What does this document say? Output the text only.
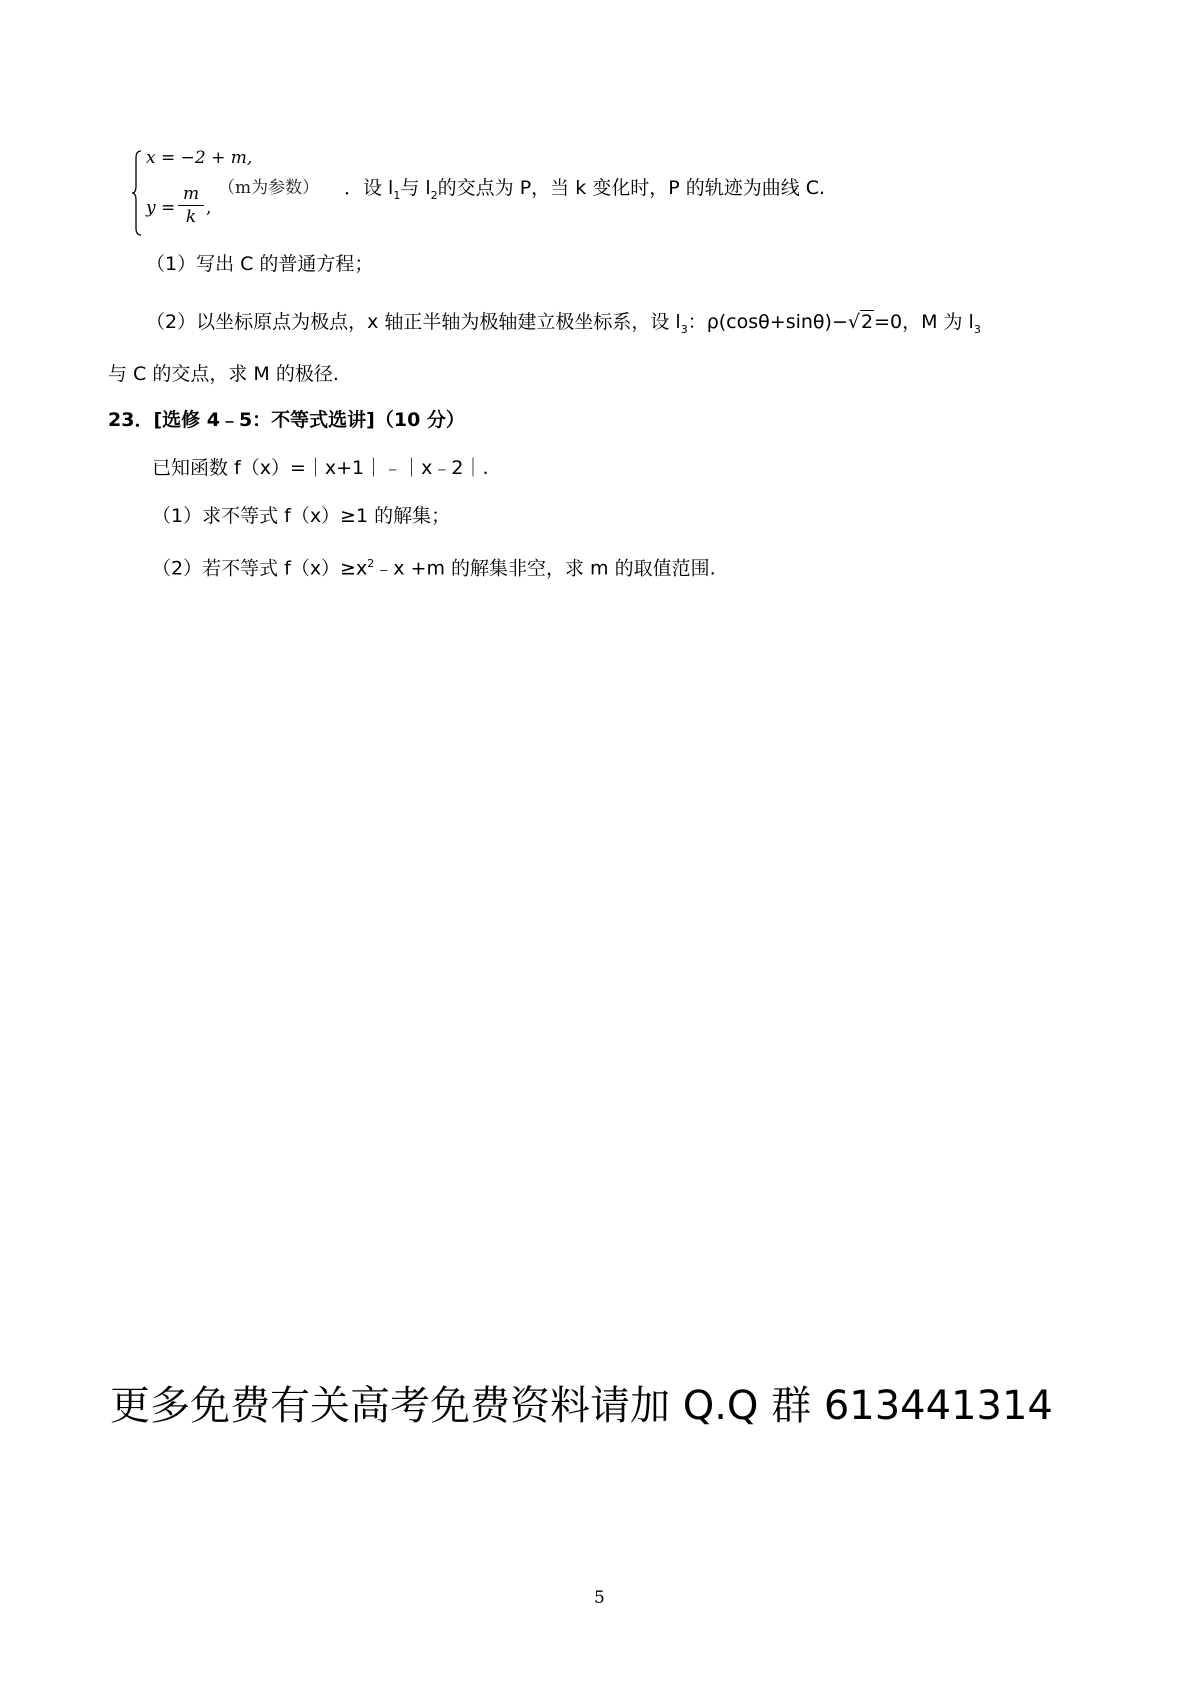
x = −2 + m,
y =
m
k ,
（m为参数） ．设 $l_1$与 $l_2$的交点为 P，当 k 变化时，P 的轨迹为曲线 C.
（1）写出 C 的普通方程；
（2）以坐标原点为极点，x 轴正半轴为极轴建立极坐标系，设 $l_3$：ρ(cosθ+sinθ)−√2=0，M 为 $l_3$
与 C 的交点，求 M 的极径.
23．[选修 4﹣5：不等式选讲]（10 分）
已知函数 f（x）=｜x+1｜﹣｜x﹣2｜.
（1）求不等式 f（x）≥1 的解集；
（2）若不等式 $f(x)\ge x^2﹣x +m$ 的解集非空，求 m 的取值范围.
更多免费有关高考免费资料请加 Q.Q 群 613441314
5
